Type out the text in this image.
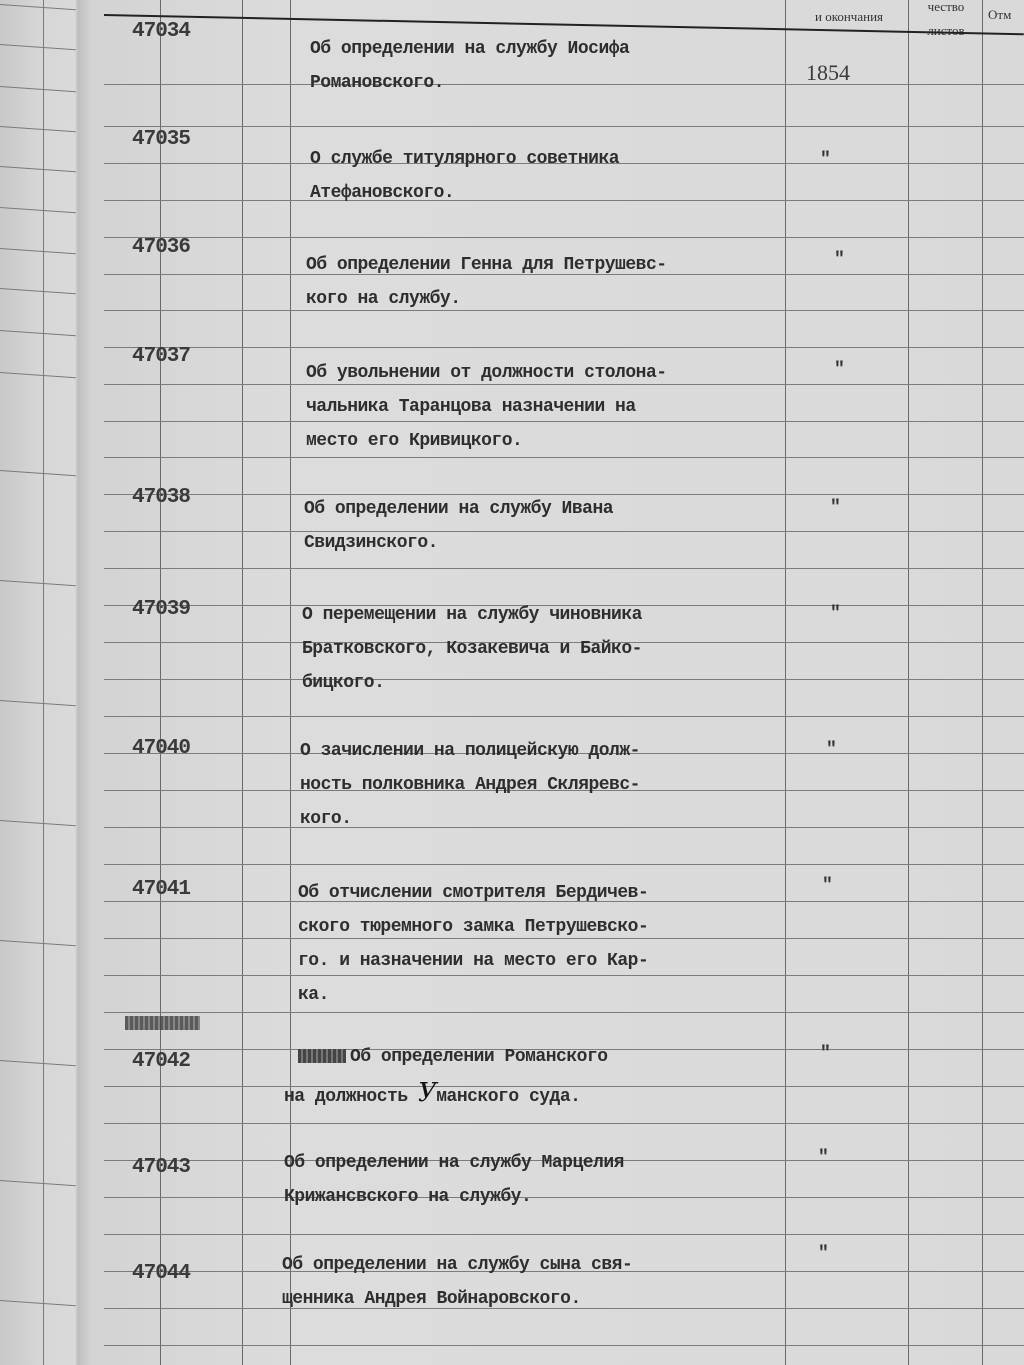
и окончания
чество
листов
Отм
1854
47034
Об определении на службу Иосифа
Романовского.
47035
О службе титулярного советника
Атефановского.
"
47036
Об определении Генна для Петрушевс-
кого на службу.
"
47037
Об увольнении от должности столона-
чальника Таранцова назначении на
место его Кривицкого.
"
47038	Об определении на службу Ивана
Свидзинского.
"
47039	О перемещении на службу чиновника
Братковского, Козакевича и Байко-
бицкого.
"
47040	О зачислении на полицейскую долж-
ность полковника Андрея Скляревс-
кого.
"
47041	Об отчислении смотрителя Бердичев-
ского тюремного замка Петрушевско-
го. и назначении на место его Кар-
ка.
"
47042	Об определении Романского
на должность Уманского суда.
"
47043	Об определении на службу Марцелия
Крижансвского на службу.
"
47044	Об определении на службу сына свя-
щенника Андрея Войнаровского.
"
